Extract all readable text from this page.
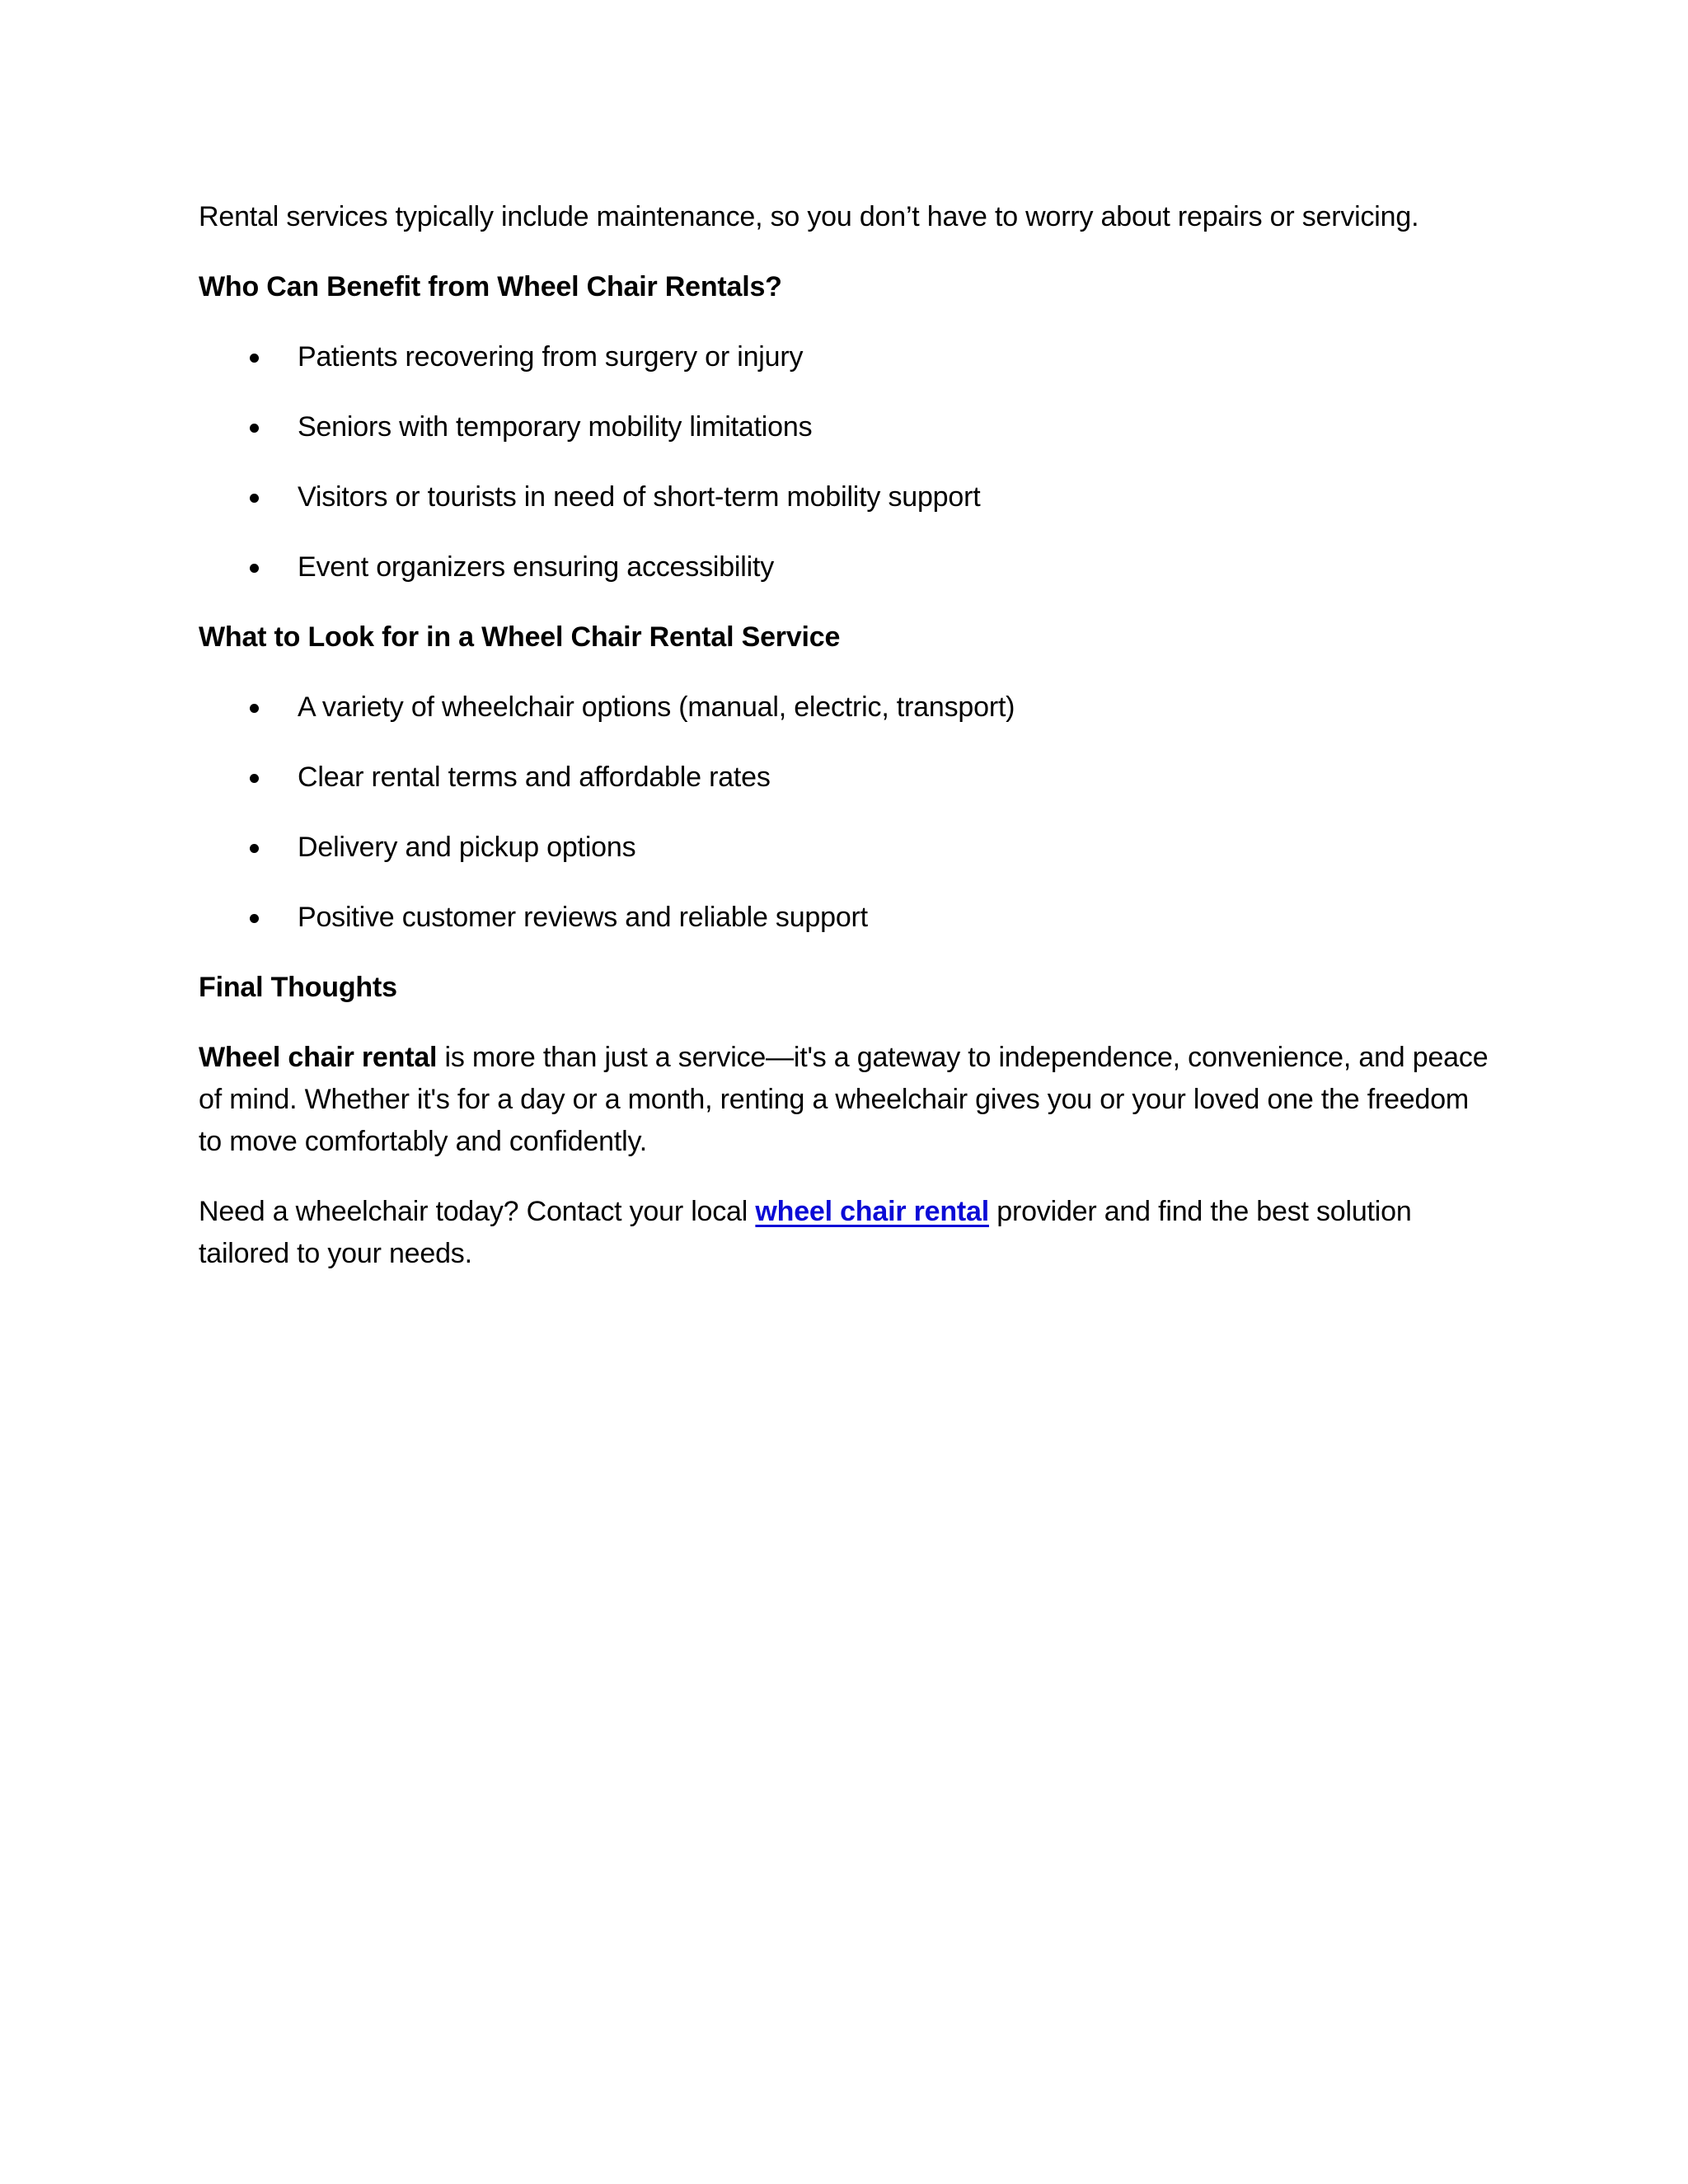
Rental services typically include maintenance, so you don’t have to worry about repairs or servicing.

Who Can Benefit from Wheel Chair Rentals?
Patients recovering from surgery or injury
Seniors with temporary mobility limitations
Visitors or tourists in need of short-term mobility support
Event organizers ensuring accessibility
What to Look for in a Wheel Chair Rental Service
A variety of wheelchair options (manual, electric, transport)
Clear rental terms and affordable rates
Delivery and pickup options
Positive customer reviews and reliable support
Final Thoughts

Wheel chair rental is more than just a service—it's a gateway to independence, convenience, and peace of mind. Whether it's for a day or a month, renting a wheelchair gives you or your loved one the freedom to move comfortably and confidently.

Need a wheelchair today? Contact your local wheel chair rental provider and find the best solution tailored to your needs.
